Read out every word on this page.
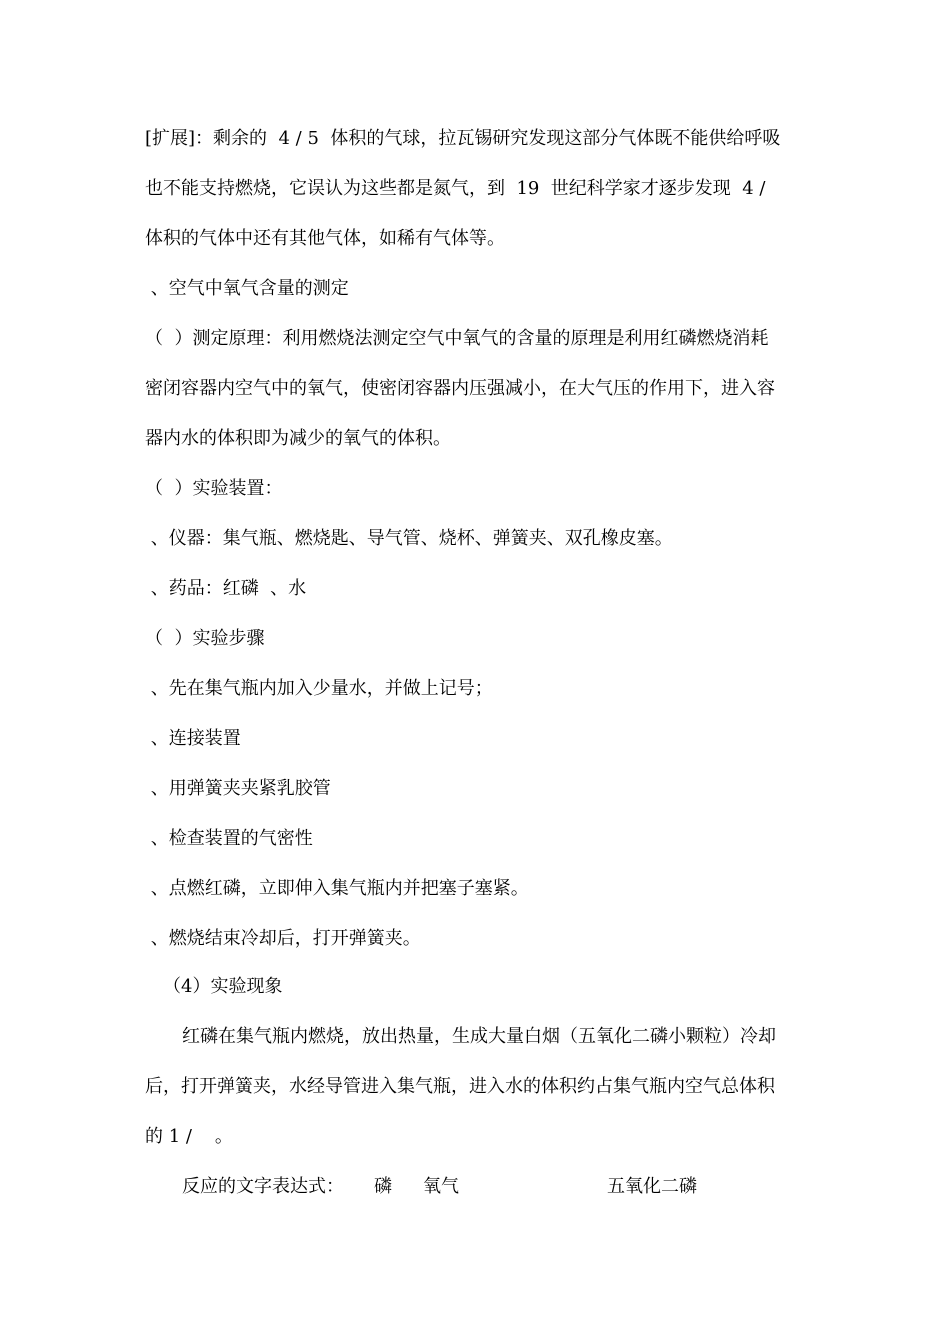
[扩展]：剩余的  4 / 5  体积的气球，拉瓦锡研究发现这部分气体既不能供给呼吸
也不能支持燃烧，它误认为这些都是氮气，到  19  世纪科学家才逐步发现  4 /
体积的气体中还有其他气体，如稀有气体等。
、空气中氧气含量的测定
（  ）测定原理：利用燃烧法测定空气中氧气的含量的原理是利用红磷燃烧消耗
密闭容器内空气中的氧气，使密闭容器内压强减小，在大气压的作用下，进入容
器内水的体积即为减少的氧气的体积。
（  ）实验装置：
、仪器：集气瓶、燃烧匙、导气管、烧杯、弹簧夹、双孔橡皮塞。
、药品：红磷  、水
（  ）实验步骤
、先在集气瓶内加入少量水，并做上记号；
、连接装置
、用弹簧夹夹紧乳胶管
、检查装置的气密性
、点燃红磷，立即伸入集气瓶内并把塞子塞紧。
、燃烧结束冷却后，打开弹簧夹。
（4）实验现象
红磷在集气瓶内燃烧，放出热量，生成大量白烟（五氧化二磷小颗粒）冷却
后，打开弹簧夹，水经导管进入集气瓶，进入水的体积约占集气瓶内空气总体积
的 1 /    。
反应的文字表达式： 磷 氧气	五氧化二磷
